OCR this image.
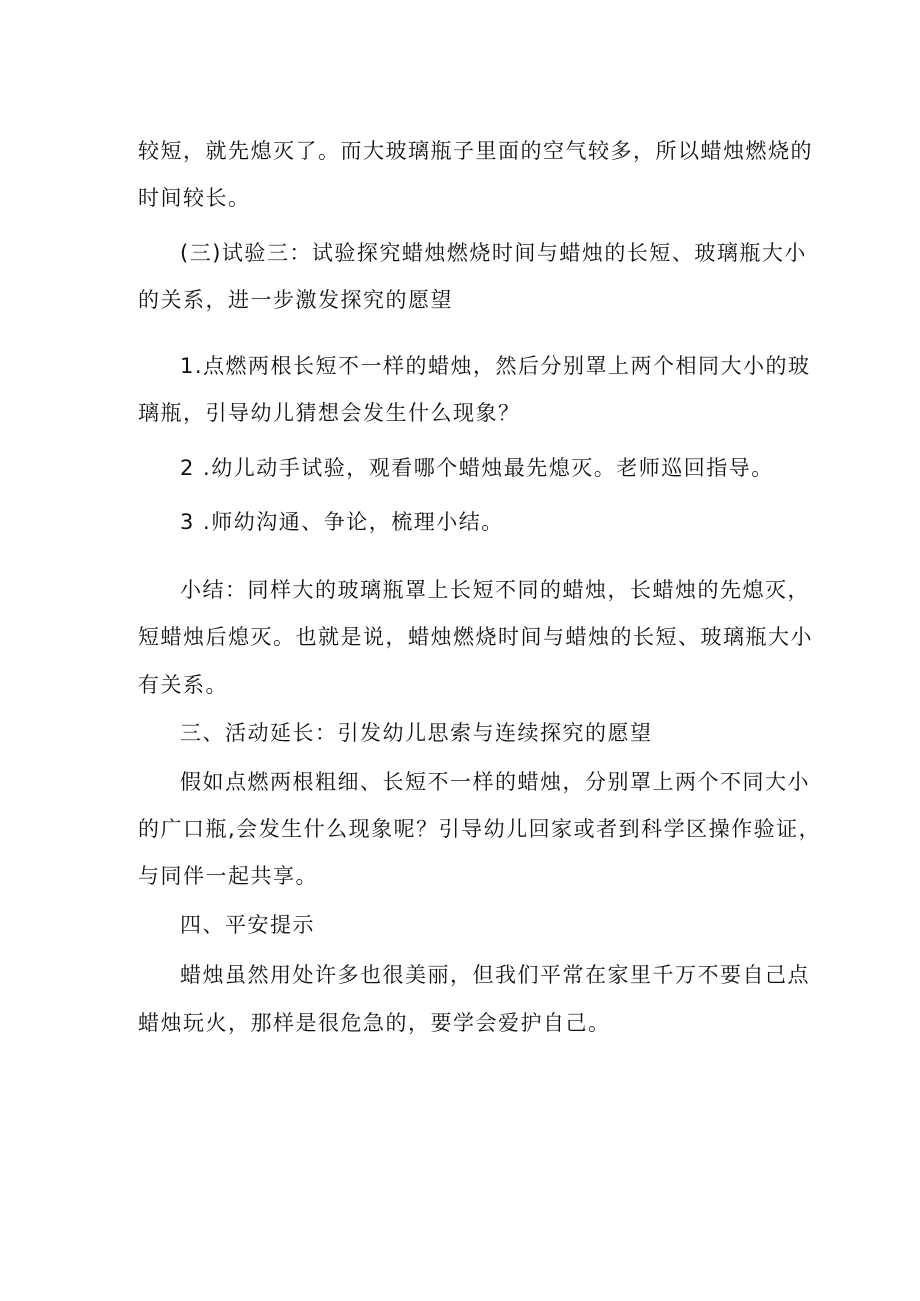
较短，就先熄灭了。而大玻璃瓶子里面的空气较多，所以蜡烛燃烧的
时间较长。
(三)试验三：试验探究蜡烛燃烧时间与蜡烛的长短、玻璃瓶大小
的关系，进一步激发探究的愿望
1.点燃两根长短不一样的蜡烛，然后分别罩上两个相同大小的玻
璃瓶，引导幼儿猜想会发生什么现象？
2 .幼儿动手试验，观看哪个蜡烛最先熄灭。老师巡回指导。
3 .师幼沟通、争论，梳理小结。
小结：同样大的玻璃瓶罩上长短不同的蜡烛，长蜡烛的先熄灭，
短蜡烛后熄灭。也就是说，蜡烛燃烧时间与蜡烛的长短、玻璃瓶大小
有关系。
三、活动延长：引发幼儿思索与连续探究的愿望
假如点燃两根粗细、长短不一样的蜡烛，分别罩上两个不同大小
的广口瓶,会发生什么现象呢？引导幼儿回家或者到科学区操作验证，
与同伴一起共享。
四、平安提示
蜡烛虽然用处许多也很美丽，但我们平常在家里千万不要自己点
蜡烛玩火，那样是很危急的，要学会爱护自己。
